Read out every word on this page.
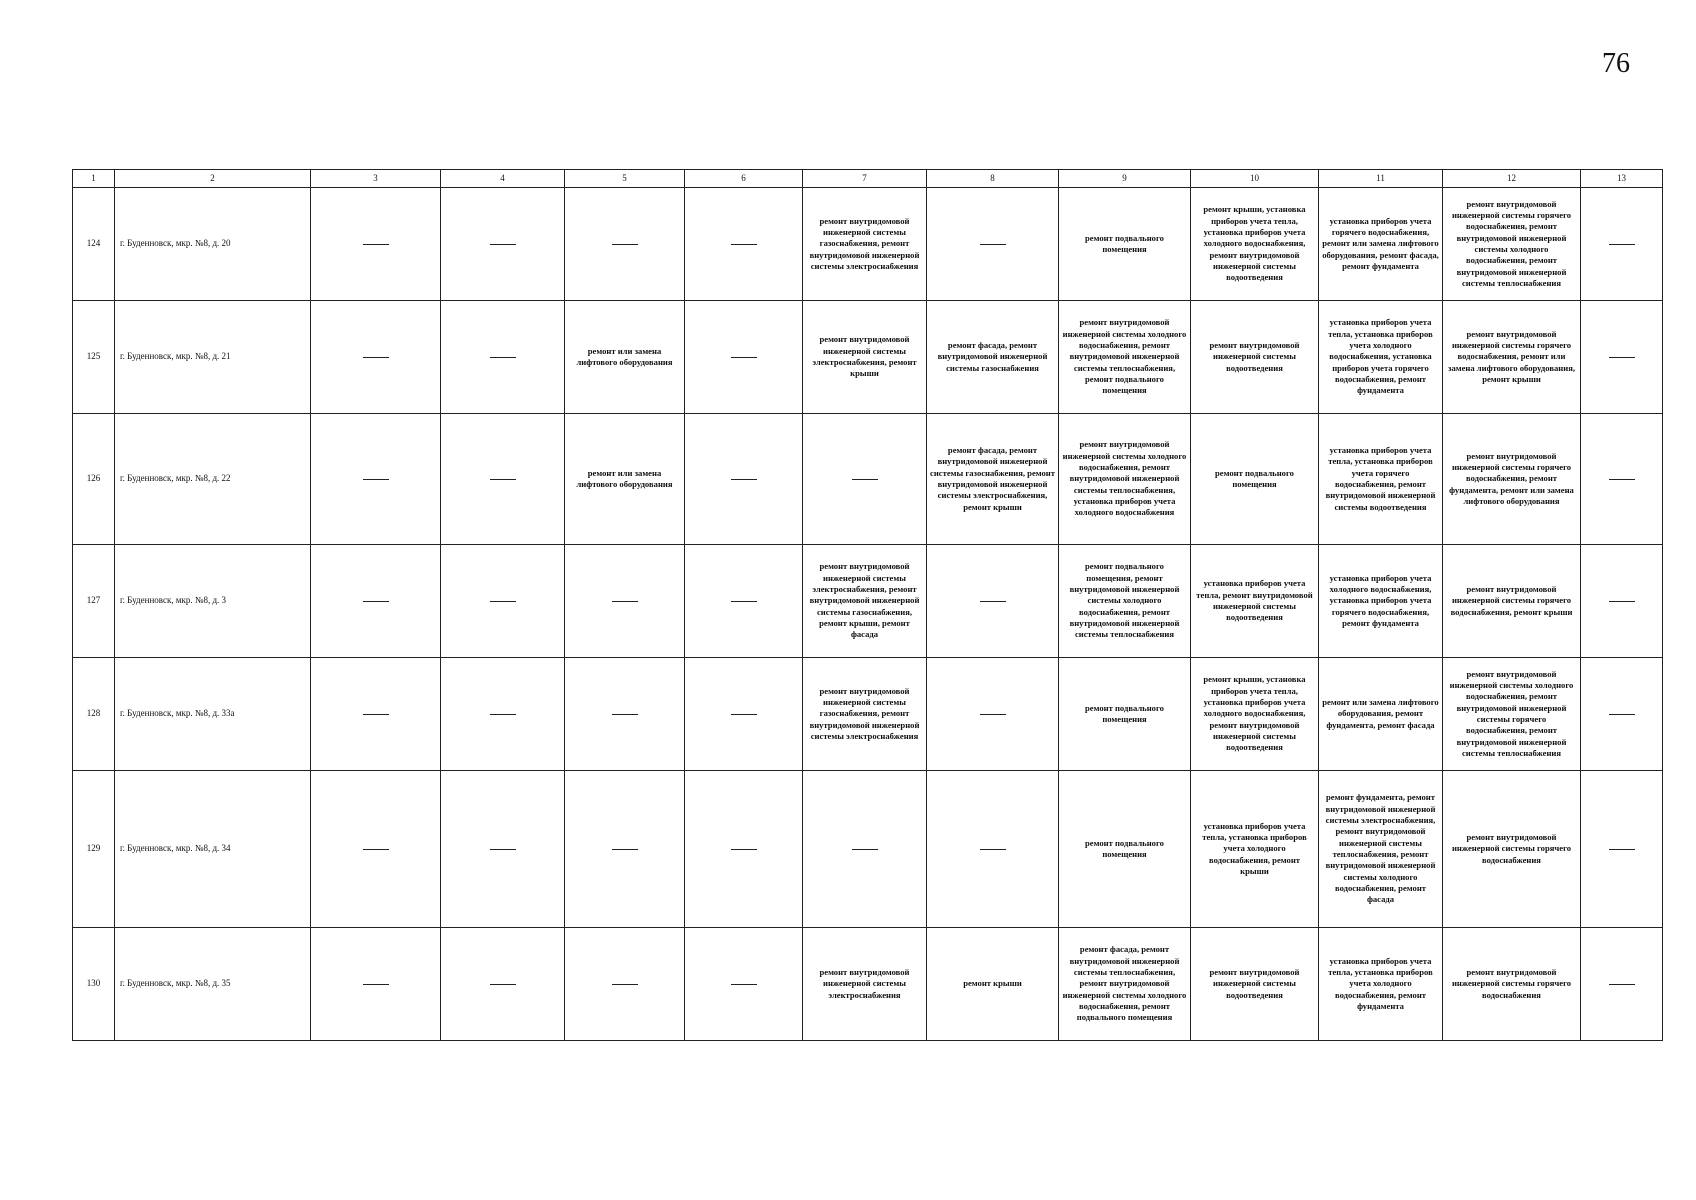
76
1	2	3	4	5	6	7	8	9	10	11	12	13
124	г. Буденновск, мкр. №8, д. 20					ремонт внутридомовой инженерной системы газоснабжения, ремонт внутридомовой инженерной системы электроснабжения		ремонт подвального помещения	ремонт крыши, установка приборов учета тепла, установка приборов учета холодного водоснабжения, ремонт внутридомовой инженерной системы водоотведения	установка приборов учета горячего водоснабжения, ремонт или замена лифтового оборудования, ремонт фасада, ремонт фундамента	ремонт внутридомовой инженерной системы горячего водоснабжения, ремонт внутридомовой инженерной системы холодного водоснабжения, ремонт внутридомовой инженерной системы теплоснабжения	
125	г. Буденновск, мкр. №8, д. 21			ремонт или замена лифтового оборудования		ремонт внутридомовой инженерной системы электроснабжения, ремонт крыши	ремонт фасада, ремонт внутридомовой инженерной системы газоснабжения	ремонт внутридомовой инженерной системы холодного водоснабжения, ремонт внутридомовой инженерной системы теплоснабжения, ремонт подвального помещения	ремонт внутридомовой инженерной системы водоотведения	установка приборов учета тепла, установка приборов учета холодного водоснабжения, установка приборов учета горячего водоснабжения, ремонт фундамента	ремонт внутридомовой инженерной системы горячего водоснабжения, ремонт или замена лифтового оборудования, ремонт крыши	
126	г. Буденновск, мкр. №8, д. 22			ремонт или замена лифтового оборудования			ремонт фасада, ремонт внутридомовой инженерной системы газоснабжения, ремонт внутридомовой инженерной системы электроснабжения, ремонт крыши	ремонт внутридомовой инженерной системы холодного водоснабжения, ремонт внутридомовой инженерной системы теплоснабжения, установка приборов учета холодного водоснабжения	ремонт подвального помещения	установка приборов учета тепла, установка приборов учета горячего водоснабжения, ремонт внутридомовой инженерной системы водоотведения	ремонт внутридомовой инженерной системы горячего водоснабжения, ремонт фундамента, ремонт или замена лифтового оборудования	
127	г. Буденновск, мкр. №8, д. 3					ремонт внутридомовой инженерной системы электроснабжения, ремонт внутридомовой инженерной системы газоснабжения, ремонт крыши, ремонт фасада		ремонт подвального помещения, ремонт внутридомовой инженерной системы холодного водоснабжения, ремонт внутридомовой инженерной системы теплоснабжения	установка приборов учета тепла, ремонт внутридомовой инженерной системы водоотведения	установка приборов учета холодного водоснабжения, установка приборов учета горячего водоснабжения, ремонт фундамента	ремонт внутридомовой инженерной системы горячего водоснабжения, ремонт крыши	
128	г. Буденновск, мкр. №8, д. 33а					ремонт внутридомовой инженерной системы газоснабжения, ремонт внутридомовой инженерной системы электроснабжения		ремонт подвального помещения	ремонт крыши, установка приборов учета тепла, установка приборов учета холодного водоснабжения, ремонт внутридомовой инженерной системы водоотведения	ремонт или замена лифтового оборудования, ремонт фундамента, ремонт фасада	ремонт внутридомовой инженерной системы холодного водоснабжения, ремонт внутридомовой инженерной системы горячего водоснабжения, ремонт внутридомовой инженерной системы теплоснабжения	
129	г. Буденновск, мкр. №8, д. 34							ремонт подвального помещения	установка приборов учета тепла, установка приборов учета холодного водоснабжения, ремонт крыши	ремонт фундамента, ремонт внутридомовой инженерной системы электроснабжения, ремонт внутридомовой инженерной системы теплоснабжения, ремонт внутридомовой инженерной системы холодного водоснабжения, ремонт фасада	ремонт внутридомовой инженерной системы горячего водоснабжения	
130	г. Буденновск, мкр. №8, д. 35					ремонт внутридомовой инженерной системы электроснабжения	ремонт крыши	ремонт фасада, ремонт внутридомовой инженерной системы теплоснабжения, ремонт внутридомовой инженерной системы холодного водоснабжения, ремонт подвального помещения	ремонт внутридомовой инженерной системы водоотведения	установка приборов учета тепла, установка приборов учета холодного водоснабжения, ремонт фундамента	ремонт внутридомовой инженерной системы горячего водоснабжения	
